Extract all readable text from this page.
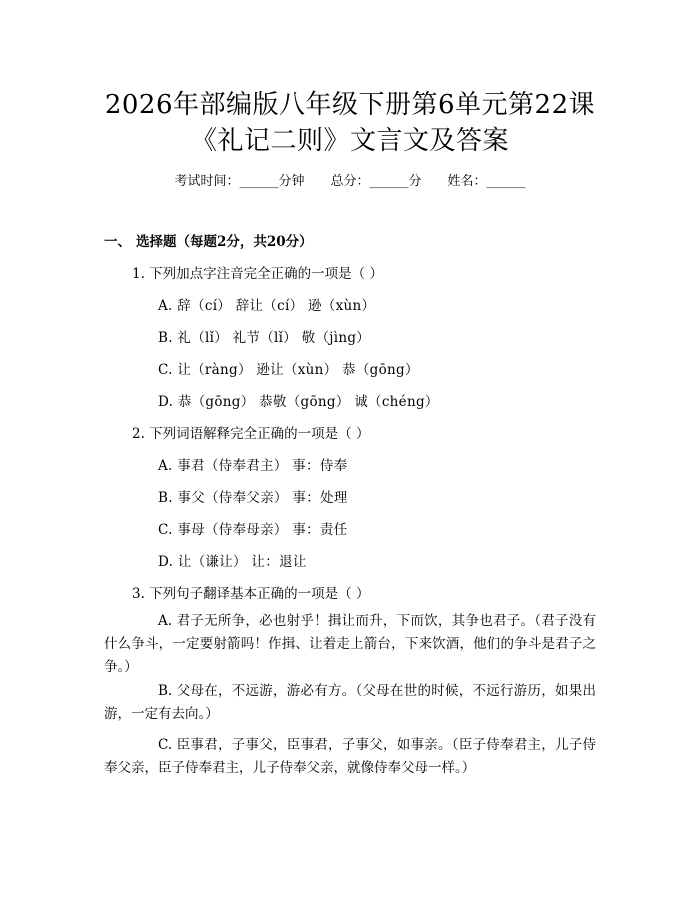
2026年部编版八年级下册第6单元第22课
《礼记二则》文言文及答案
考试时间：______分钟 总分：______分 姓名：______
一、 选择题（每题2分，共20分）
1. 下列加点字注音完全正确的一项是（ ）
A. 辞（cí） 辞让（cí） 逊（xùn）
B. 礼（lǐ） 礼节（lǐ） 敬（jìng）
C. 让（ràng） 逊让（xùn） 恭（gōng）
D. 恭（gōng） 恭敬（gōng） 诚（chéng）
2. 下列词语解释完全正确的一项是（ ）
A. 事君（侍奉君主） 事：侍奉
B. 事父（侍奉父亲） 事：处理
C. 事母（侍奉母亲） 事：责任
D. 让（谦让） 让：退让
3. 下列句子翻译基本正确的一项是（ ）
A. 君子无所争，必也射乎！揖让而升，下而饮，其争也君子。（君子没有什么争斗，一定要射箭吗！作揖、让着走上箭台，下来饮酒，他们的争斗是君子之争。）
B. 父母在，不远游，游必有方。（父母在世的时候，不远行游历，如果出游，一定有去向。）
C. 臣事君，子事父，臣事君，子事父，如事亲。（臣子侍奉君主，儿子侍奉父亲，臣子侍奉君主，儿子侍奉父亲，就像侍奉父母一样。）
